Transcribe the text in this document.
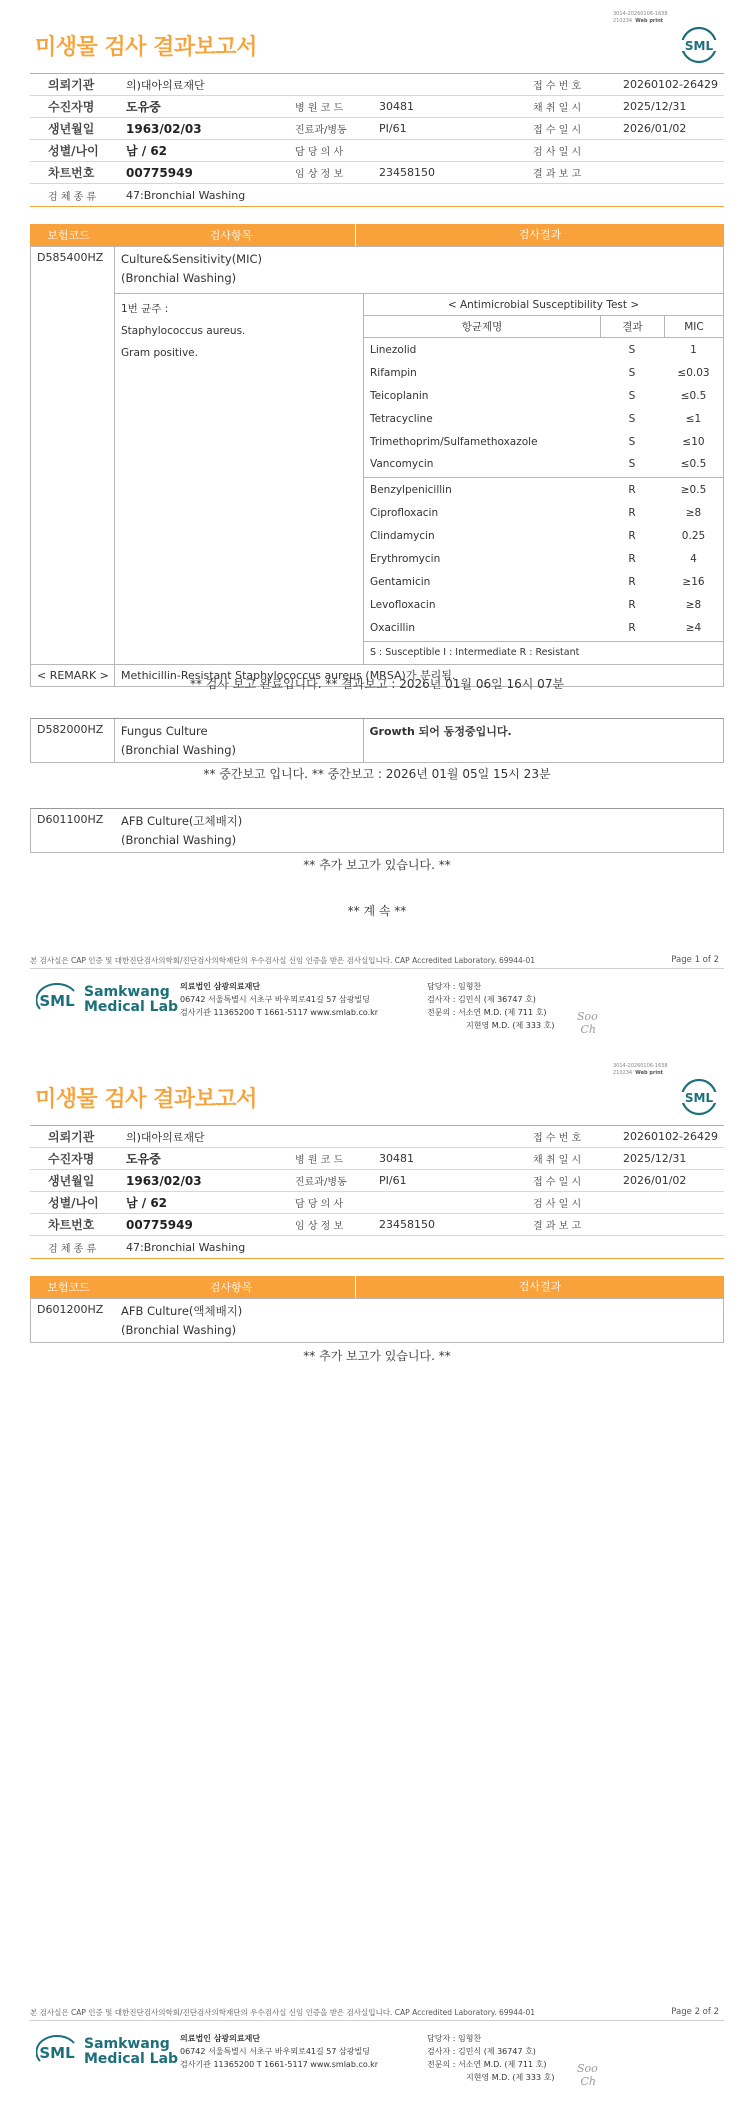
3014-20260106-1638
210234 Web print
SML
미생물 검사 결과보고서
의뢰기관	의)대아의료재단	접 수 번 호	20260102-26429
수진자명	도유중	병 원 코 드	30481	채 취 일 시	2025/12/31
생년월일	1963/02/03	진료과/병동	PI/61	접 수 일 시	2026/01/02
성별/나이	남 / 62	담 당 의 사	검 사 일 시
차트번호	00775949	임 상 정 보	23458150	결 과 보 고
검 체 종 류	47:Bronchial Washing
보험코드	검사항목	검사결과
D585400HZ	Culture&Sensitivity(MIC)
(Bronchial Washing)
1번 균주 :
Staphylococcus aureus.
Gram positive.
< Antimicrobial Susceptibility Test >
항균제명	결과	MIC
Linezolid	S	1
Rifampin	S	≤0.03
Teicoplanin	S	≤0.5
Tetracycline	S	≤1
Trimethoprim/Sulfamethoxazole	S	≤10
Vancomycin	S	≤0.5
Benzylpenicillin	R	≥0.5
Ciprofloxacin	R	≥8
Clindamycin	R	0.25
Erythromycin	R	4
Gentamicin	R	≥16
Levofloxacin	R	≥8
Oxacillin	R	≥4
S : Susceptible I : Intermediate R : Resistant
< REMARK >	Methicillin-Resistant Staphylococcus aureus (MRSA)가 분리됨.
** 검사 보고 완료입니다. ** 결과보고 : 2026년 01월 06일 16시 07분
D582000HZ	Fungus Culture
(Bronchial Washing)
Growth 되어 동정중입니다.
** 중간보고 입니다. ** 중간보고 : 2026년 01월 05일 15시 23분
D601100HZ	AFB Culture(고체배지)
(Bronchial Washing)
** 추가 보고가 있습니다. **
** 계 속 **
본 검사실은 CAP 인증 및 대한진단검사의학회/진단검사의학재단의 우수검사실 신임 인증을 받은 검사실입니다. CAP Accredited Laboratory. 69944-01	Page 1 of 2
SML Samkwang
Medical Lab
의료법인 삼광의료재단
06742 서울특별시 서초구 바우뫼로41길 57 삼광빌딩
검사기관 11365200 T 1661-5117 www.smlab.co.kr
담당자 : 임형찬
검사자 : 김민식 (제 36747 호)
전문의 : 서소연 M.D. (제 711 호)
지현영 M.D. (제 333 호)
Soo
Ch
3014-20260106-1638
210234 Web print
SML
미생물 검사 결과보고서
의뢰기관	의)대아의료재단	접 수 번 호	20260102-26429
수진자명	도유중	병 원 코 드	30481	채 취 일 시	2025/12/31
생년월일	1963/02/03	진료과/병동	PI/61	접 수 일 시	2026/01/02
성별/나이	남 / 62	담 당 의 사	검 사 일 시
차트번호	00775949	임 상 정 보	23458150	결 과 보 고
검 체 종 류	47:Bronchial Washing
보험코드	검사항목	검사결과
D601200HZ	AFB Culture(액체배지)
(Bronchial Washing)
** 추가 보고가 있습니다. **
본 검사실은 CAP 인증 및 대한진단검사의학회/진단검사의학재단의 우수검사실 신임 인증을 받은 검사실입니다. CAP Accredited Laboratory. 69944-01	Page 2 of 2
SML Samkwang
Medical Lab
의료법인 삼광의료재단
06742 서울특별시 서초구 바우뫼로41길 57 삼광빌딩
검사기관 11365200 T 1661-5117 www.smlab.co.kr
담당자 : 임형찬
검사자 : 김민식 (제 36747 호)
전문의 : 서소연 M.D. (제 711 호)
지현영 M.D. (제 333 호)
Soo
Ch
